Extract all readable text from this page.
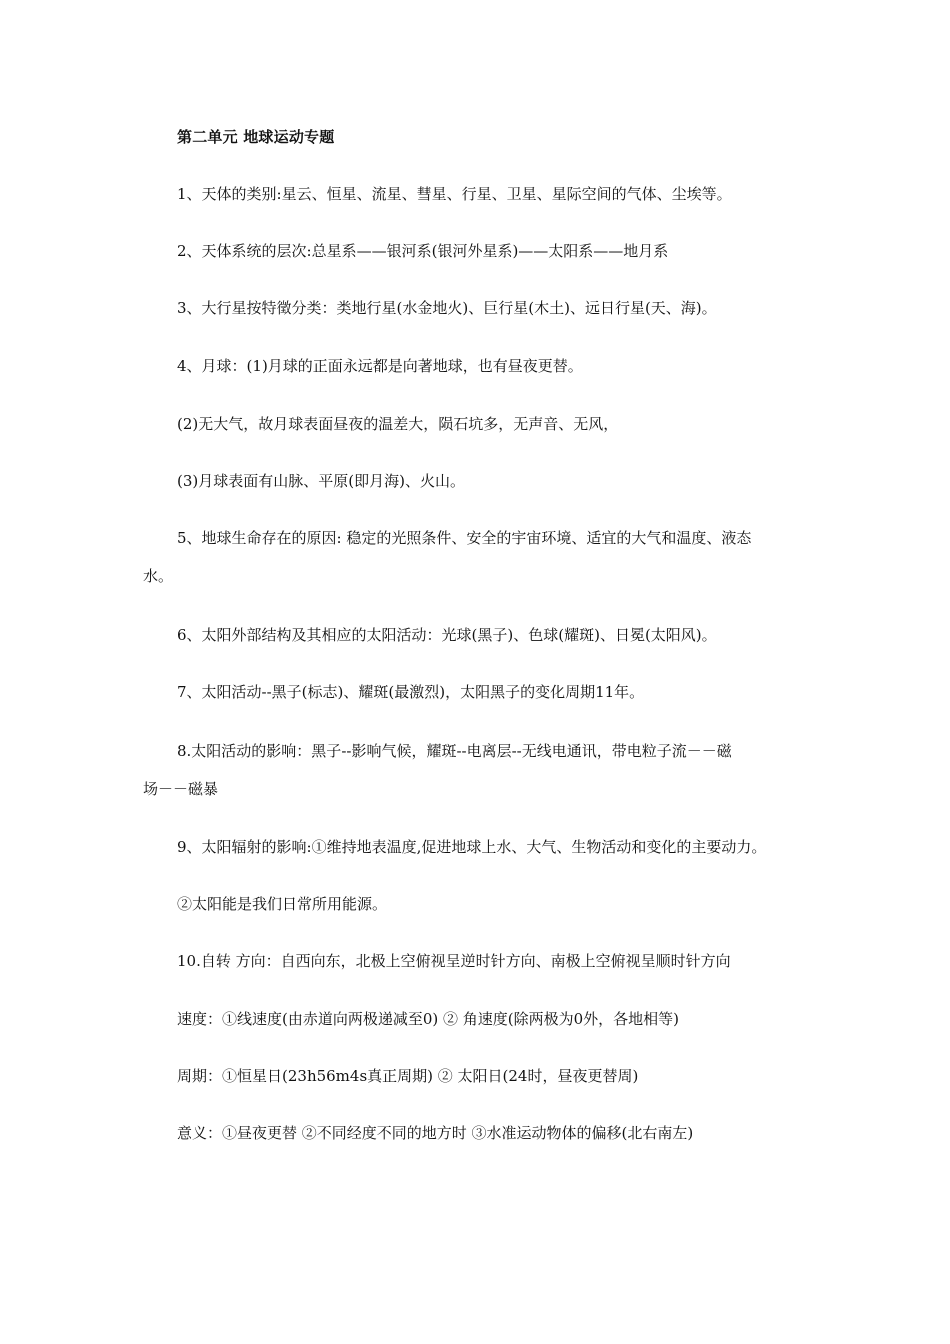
第二单元 地球运动专题
1、天体的类别:星云、恒星、流星、彗星、行星、卫星、星际空间的气体、尘埃等。
2、天体系统的层次:总星系——银河系(银河外星系)——太阳系——地月系
3、大行星按特徵分类：类地行星(水金地火)、巨行星(木土)、远日行星(天、海)。
4、月球：(1)月球的正面永远都是向著地球，也有昼夜更替。
(2)无大气，故月球表面昼夜的温差大，陨石坑多，无声音、无风，
(3)月球表面有山脉、平原(即月海)、火山。
5、地球生命存在的原因: 稳定的光照条件、安全的宇宙环境、适宜的大气和温度、液态
水。
6、太阳外部结构及其相应的太阳活动：光球(黑子)、色球(耀斑)、日冕(太阳风)。
7、太阳活动--黑子(标志)、耀斑(最激烈)，太阳黑子的变化周期11年。
8.太阳活动的影响：黑子--影响气候，耀斑--电离层--无线电通讯，带电粒子流－－磁
场－－磁暴
9、太阳辐射的影响:①维持地表温度,促进地球上水、大气、生物活动和变化的主要动力。
②太阳能是我们日常所用能源。
10.自转 方向：自西向东，北极上空俯视呈逆时针方向、南极上空俯视呈顺时针方向
速度：①线速度(由赤道向两极递减至0) ② 角速度(除两极为0外，各地相等)
周期：①恒星日(23h56m4s真正周期) ② 太阳日(24时，昼夜更替周)
意义：①昼夜更替 ②不同经度不同的地方时 ③水准运动物体的偏移(北右南左)
